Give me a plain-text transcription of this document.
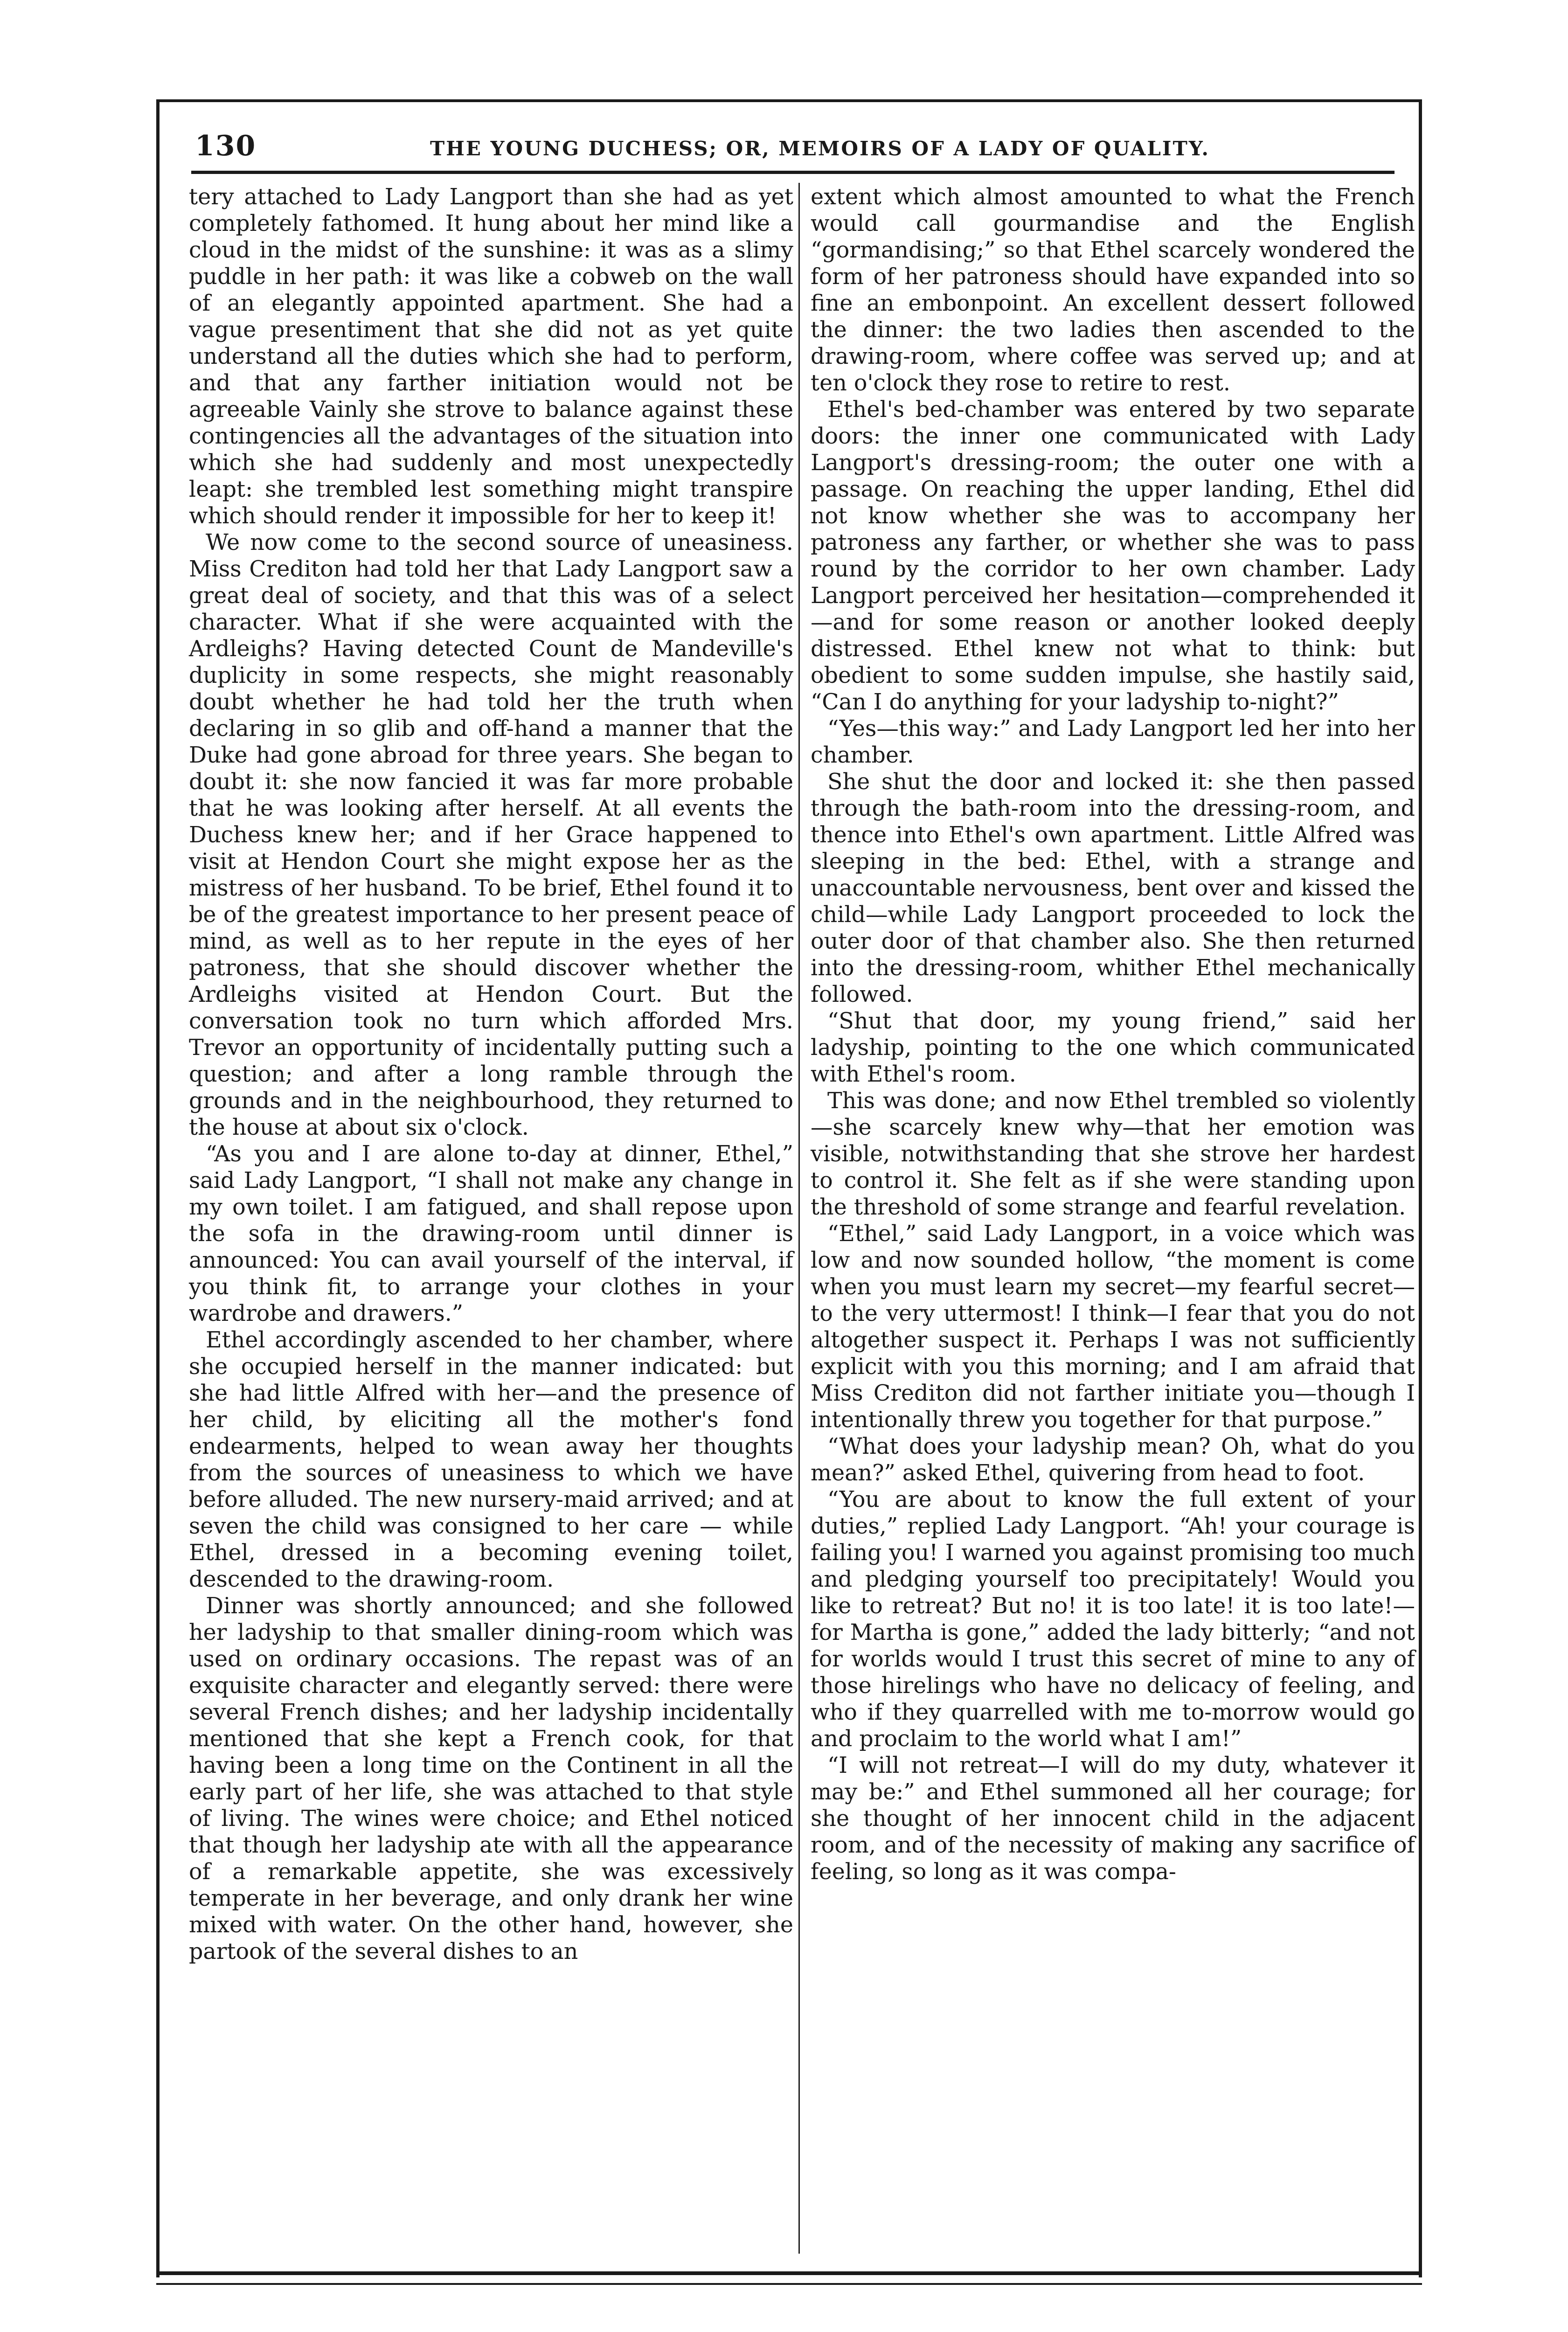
130	THE YOUNG DUCHESS; OR, MEMOIRS OF A LADY OF QUALITY.

tery attached to Lady Langport than she had as yet completely fathomed. It hung about her mind like a cloud in the midst of the sunshine: it was as a slimy puddle in her path: it was like a cobweb on the wall of an elegantly appointed apartment. She had a vague presentiment that she did not as yet quite understand all the duties which she had to perform, and that any farther initiation would not be agreeable Vainly she strove to balance against these contingencies all the advantages of the situation into which she had suddenly and most unexpectedly leapt: she trembled lest something might transpire which should render it impossible for her to keep it!

We now come to the second source of uneasiness. Miss Crediton had told her that Lady Langport saw a great deal of society, and that this was of a select character. What if she were acquainted with the Ardleighs? Having detected Count de Mandeville's duplicity in some respects, she might reasonably doubt whether he had told her the truth when declaring in so glib and off-hand a manner that the Duke had gone abroad for three years. She began to doubt it: she now fancied it was far more probable that he was looking after herself. At all events the Duchess knew her; and if her Grace happened to visit at Hendon Court she might expose her as the mistress of her husband. To be brief, Ethel found it to be of the greatest importance to her present peace of mind, as well as to her repute in the eyes of her patroness, that she should discover whether the Ardleighs visited at Hendon Court. But the conversation took no turn which afforded Mrs. Trevor an opportunity of incidentally putting such a question; and after a long ramble through the grounds and in the neighbourhood, they returned to the house at about six o'clock.

“As you and I are alone to-day at dinner, Ethel,” said Lady Langport, “I shall not make any change in my own toilet. I am fatigued, and shall repose upon the sofa in the drawing-room until dinner is announced: You can avail yourself of the interval, if you think fit, to arrange your clothes in your wardrobe and drawers.”

Ethel accordingly ascended to her chamber, where she occupied herself in the manner indicated: but she had little Alfred with her—and the presence of her child, by eliciting all the mother's fond endearments, helped to wean away her thoughts from the sources of uneasiness to which we have before alluded. The new nursery-maid arrived; and at seven the child was consigned to her care — while Ethel, dressed in a becoming evening toilet, descended to the drawing-room.

Dinner was shortly announced; and she followed her ladyship to that smaller dining-room which was used on ordinary occasions. The repast was of an exquisite character and elegantly served: there were several French dishes; and her ladyship incidentally mentioned that she kept a French cook, for that having been a long time on the Continent in all the early part of her life, she was attached to that style of living. The wines were choice; and Ethel noticed that though her ladyship ate with all the appearance of a remarkable appetite, she was excessively temperate in her beverage, and only drank her wine mixed with water. On the other hand, however, she partook of the several dishes to an

extent which almost amounted to what the French would call gourmandise and the English “gormandising;” so that Ethel scarcely wondered the form of her patroness should have expanded into so fine an embonpoint. An excellent dessert followed the dinner: the two ladies then ascended to the drawing-room, where coffee was served up; and at ten o'clock they rose to retire to rest.

Ethel's bed-chamber was entered by two separate doors: the inner one communicated with Lady Langport's dressing-room; the outer one with a passage. On reaching the upper landing, Ethel did not know whether she was to accompany her patroness any farther, or whether she was to pass round by the corridor to her own chamber. Lady Langport perceived her hesitation—comprehended it—and for some reason or another looked deeply distressed. Ethel knew not what to think: but obedient to some sudden impulse, she hastily said, “Can I do anything for your ladyship to-night?”

“Yes—this way:” and Lady Langport led her into her chamber.

She shut the door and locked it: she then passed through the bath-room into the dressing-room, and thence into Ethel's own apartment. Little Alfred was sleeping in the bed: Ethel, with a strange and unaccountable nervousness, bent over and kissed the child—while Lady Langport proceeded to lock the outer door of that chamber also. She then returned into the dressing-room, whither Ethel mechanically followed.

“Shut that door, my young friend,” said her ladyship, pointing to the one which communicated with Ethel's room.

This was done; and now Ethel trembled so violently—she scarcely knew why—that her emotion was visible, notwithstanding that she strove her hardest to control it. She felt as if she were standing upon the threshold of some strange and fearful revelation.

“Ethel,” said Lady Langport, in a voice which was low and now sounded hollow, “the moment is come when you must learn my secret—my fearful secret—to the very uttermost! I think—I fear that you do not altogether suspect it. Perhaps I was not sufficiently explicit with you this morning; and I am afraid that Miss Crediton did not farther initiate you—though I intentionally threw you together for that purpose.”

“What does your ladyship mean? Oh, what do you mean?” asked Ethel, quivering from head to foot.

“You are about to know the full extent of your duties,” replied Lady Langport. “Ah! your courage is failing you! I warned you against promising too much and pledging yourself too precipitately! Would you like to retreat? But no! it is too late! it is too late!—for Martha is gone,” added the lady bitterly; “and not for worlds would I trust this secret of mine to any of those hirelings who have no delicacy of feeling, and who if they quarrelled with me to-morrow would go and proclaim to the world what I am!”

“I will not retreat—I will do my duty, whatever it may be:” and Ethel summoned all her courage; for she thought of her innocent child in the adjacent room, and of the necessity of making any sacrifice of feeling, so long as it was compa-
